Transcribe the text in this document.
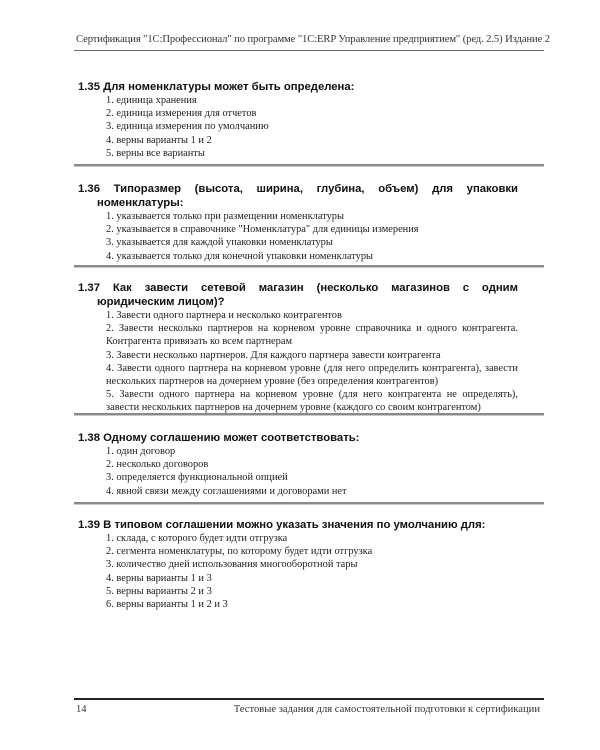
Сертификация "1С:Профессионал" по программе "1С:ERP Управление предприятием" (ред. 2.5) Издание 2
1.35 Для номенклатуры может быть определена:
1. единица хранения
2. единица измерения для отчетов
3. единица измерения по умолчанию
4. верны варианты 1 и 2
5. верны все варианты
1.36 Типоразмер (высота, ширина, глубина, объем) для упаковки номенклатуры:
1. указывается только при размещении номенклатуры
2. указывается в справочнике "Номенклатура" для единицы измерения
3. указывается для каждой упаковки номенклатуры
4. указывается только для конечной упаковки номенклатуры
1.37 Как завести сетевой магазин (несколько магазинов с одним юридическим лицом)?
1. Завести одного партнера и несколько контрагентов
2. Завести несколько партнеров на корневом уровне справочника и одного контрагента. Контрагента привязать ко всем партнерам
3. Завести несколько партнеров. Для каждого партнера завести контрагента
4. Завести одного партнера на корневом уровне (для него определить контрагента), завести нескольких партнеров на дочернем уровне (без определения контрагентов)
5. Завести одного партнера на корневом уровне (для него контрагента не определять), завести нескольких партнеров на дочернем уровне (каждого со своим контрагентом)
1.38 Одному соглашению может соответствовать:
1. один договор
2. несколько договоров
3. определяется функциональной опцией
4. явной связи между соглашениями и договорами нет
1.39 В типовом соглашении можно указать значения по умолчанию для:
1. склада, с которого будет идти отгрузка
2. сегмента номенклатуры, по которому будет идти отгрузка
3. количество дней использования многооборотной тары
4. верны варианты 1 и 3
5. верны варианты 2 и 3
6. верны варианты 1 и 2 и 3
14	Тестовые задания для самостоятельной подготовки к сертификации
